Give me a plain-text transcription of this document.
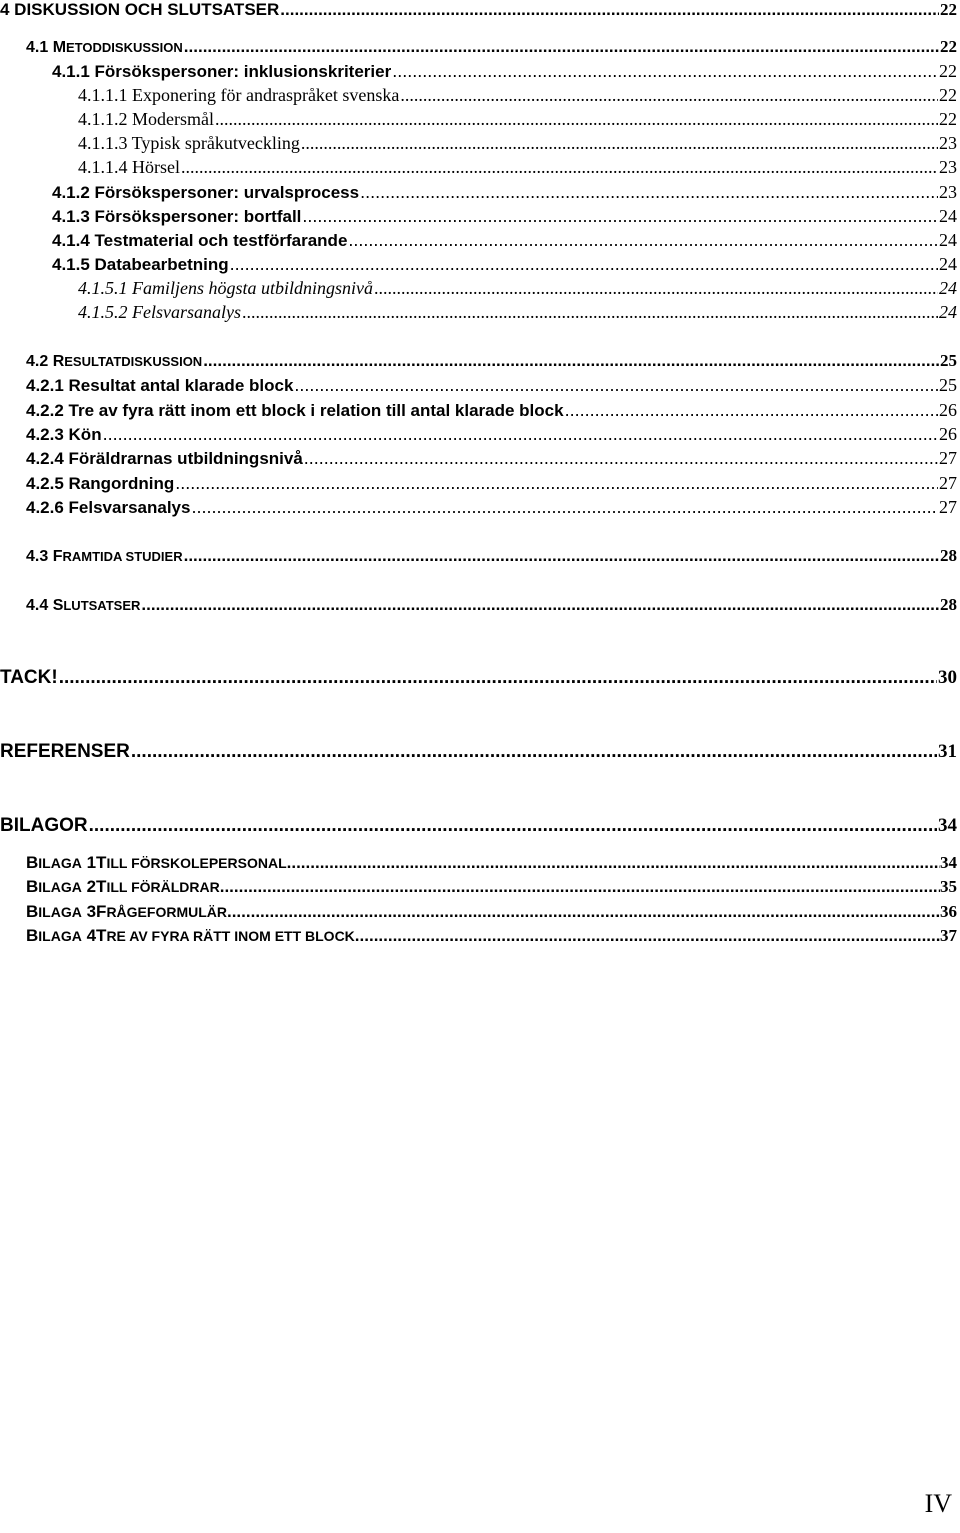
4 DISKUSSION OCH SLUTSATSER .....	22
4.1 METODDISKUSSION .....	22
4.1.1 Försökspersoner: inklusionskriterier .....	22
4.1.1.1 Exponering för andraspråket svenska .....	22
4.1.1.2 Modersmål .....	22
4.1.1.3 Typisk språkutveckling .....	23
4.1.1.4 Hörsel .....	23
4.1.2 Försökspersoner: urvalsprocess .....	23
4.1.3 Försökspersoner: bortfall .....	24
4.1.4 Testmaterial och testförfarande .....	24
4.1.5 Databearbetning .....	24
4.1.5.1 Familjens högsta utbildningsnivå .....	24
4.1.5.2 Felsvarsanalys .....	24
4.2 RESULTATDISKUSSION .....	25
4.2.1 Resultat antal klarade block .....	25
4.2.2 Tre av fyra rätt inom ett block i relation till antal klarade block .....	26
4.2.3 Kön .....	26
4.2.4 Föräldrarnas utbildningsnivå .....	27
4.2.5 Rangordning .....	27
4.2.6 Felsvarsanalys .....	27
4.3 FRAMTIDA STUDIER .....	28
4.4 SLUTSATSER .....	28
TACK! .....	30
REFERENSER .....	31
BILAGOR .....	34
BILAGA 1 TILL FÖRSKOLEPERSONAL .....	34
BILAGA 2 TILL FÖRÄLDRAR .....	35
BILAGA 3 FRÅGEFORMULÄR .....	36
BILAGA 4 TRE AV FYRA RÄTT INOM ETT BLOCK .....	37
IV
